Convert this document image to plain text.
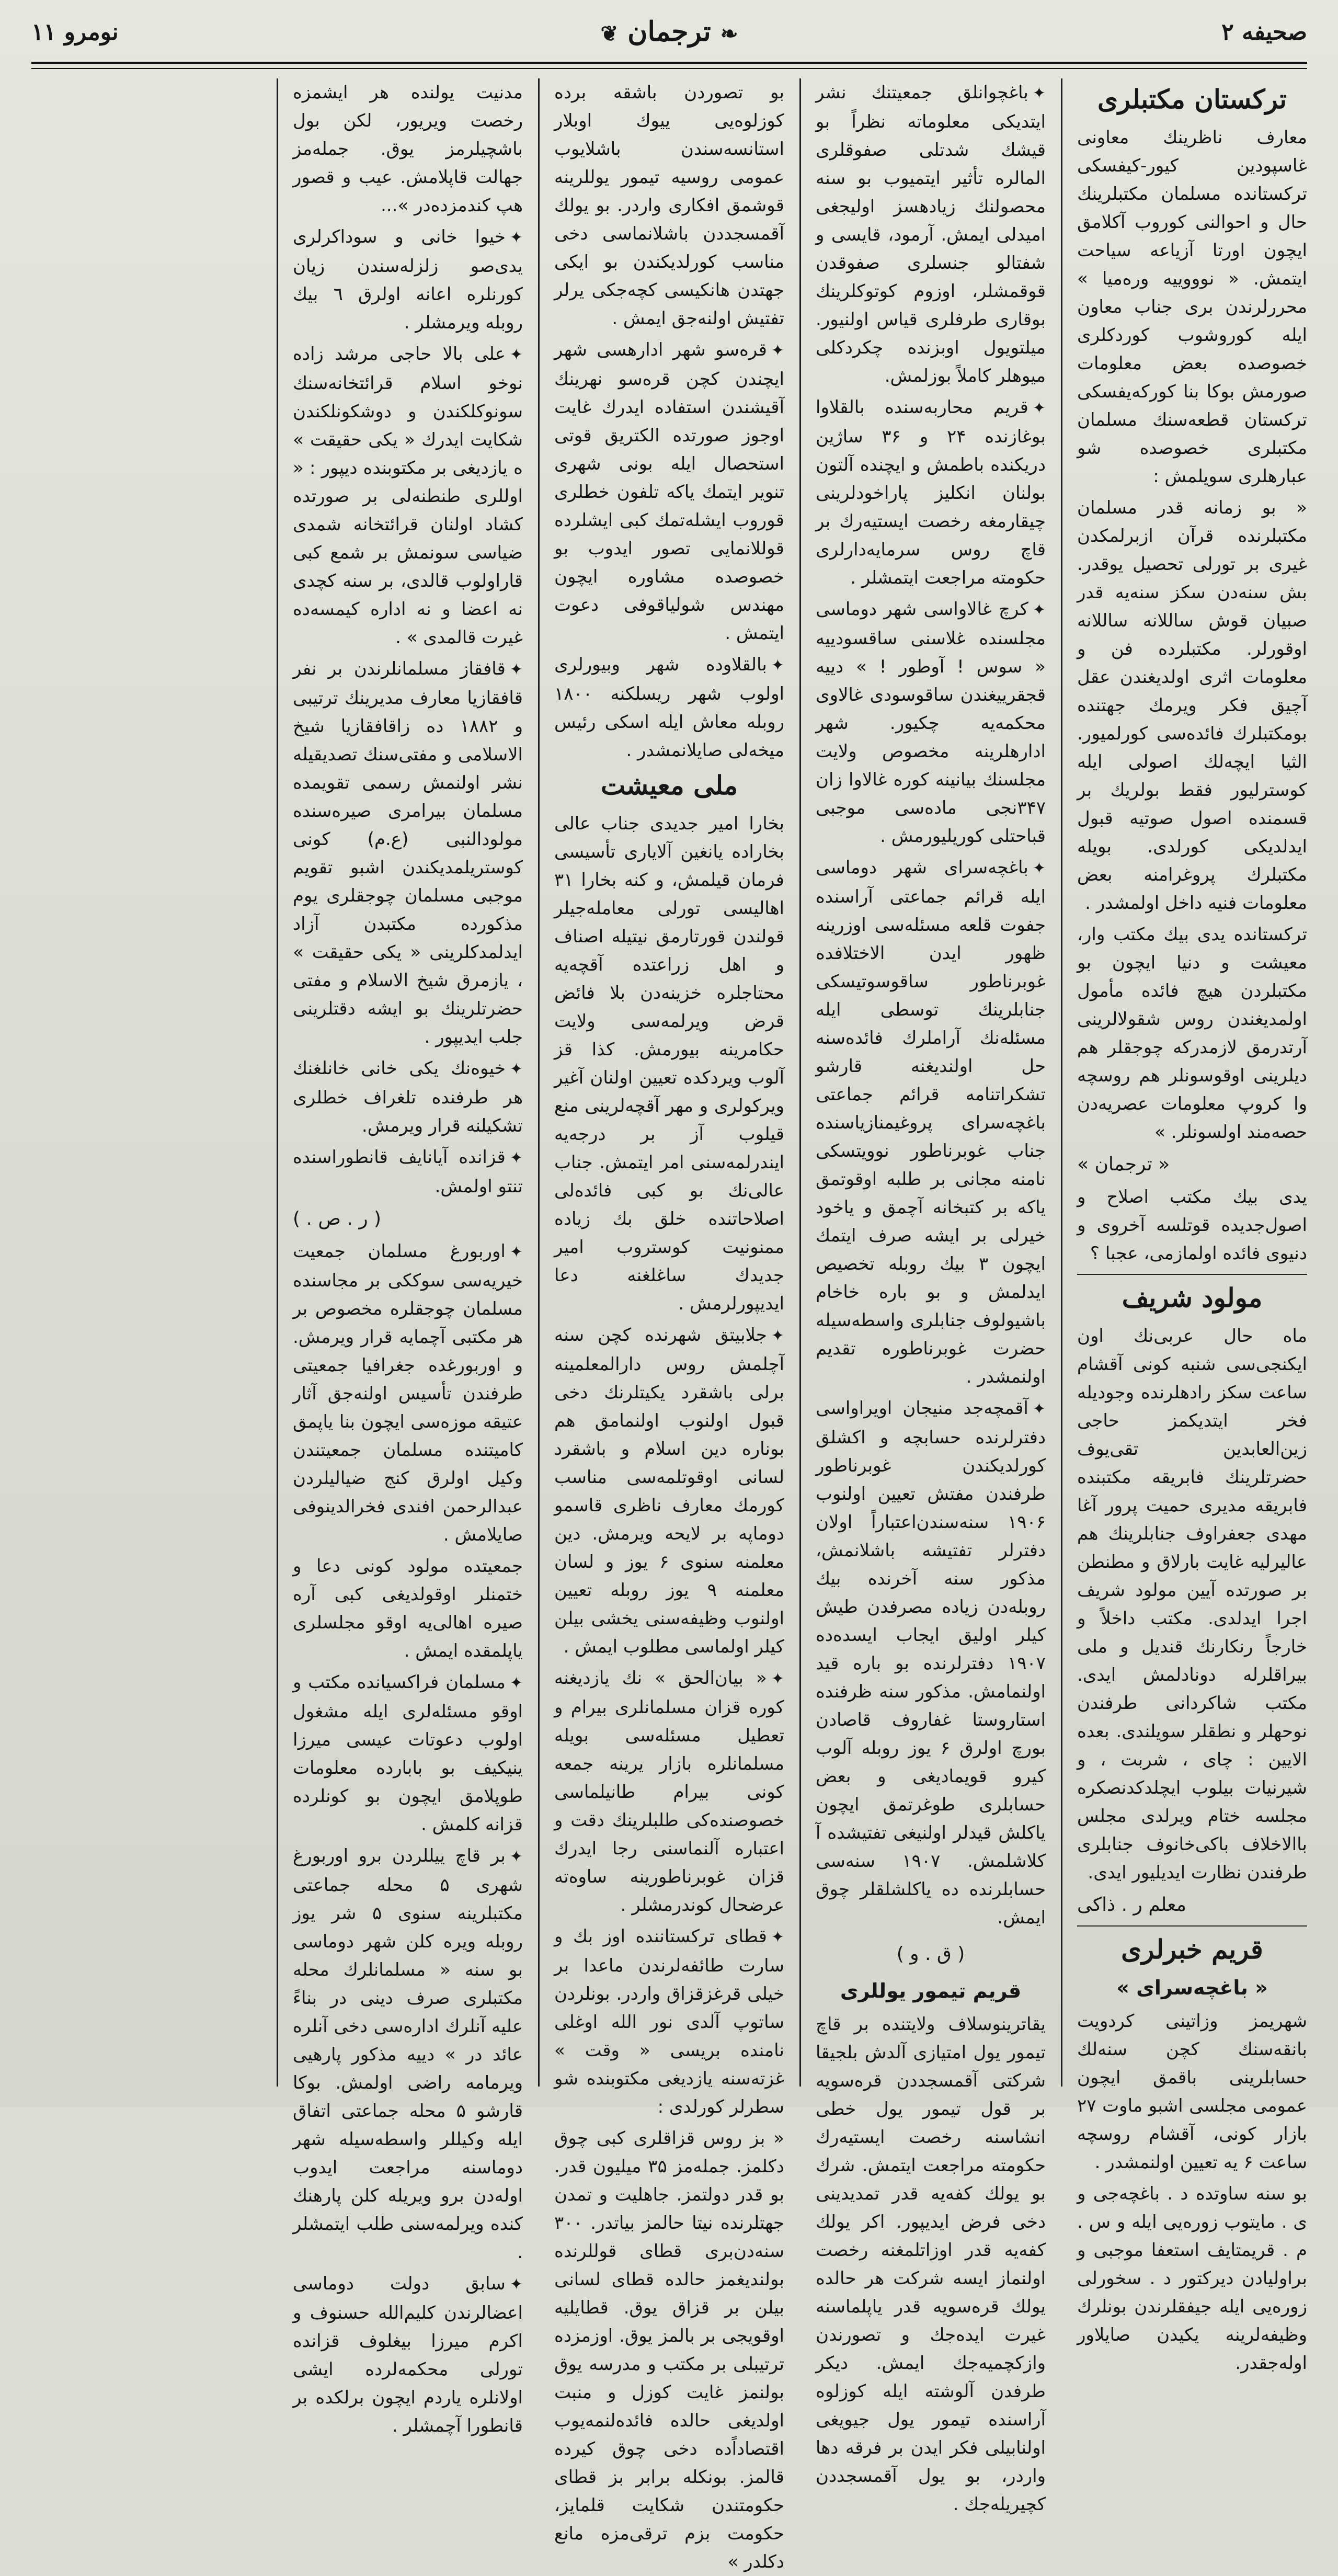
صحیفه ۲
❧ ترجمان ❦
نومرو ۱۱
ترکستان مکتبلری

معارف ناظرینك معاونی غاسپودین کیور-کیفسکی ترکستانده مسلمان مکتبلرینك حال و احوالنی کوروب آکلامق ایچون اورتا آزیاعه سیاحت ایتمش. « نوووییه وره‌میا » محررلرندن بری جناب معاون ایله کوروشوب کوردکلری خصوصده بعض معلومات صورمش بوکا بنا کورکه‌یفسکی ترکستان قطعه‌سنك مسلمان مکتبلری خصوصده شو عبارهلری سویلمش :

« بو زمانه قدر مسلمان مکتبلرنده قرآن ازبرلمکدن غیری بر تورلی تحصیل یوقدر. بش سنه‌دن سکز سنه‌یه قدر صبیان قوش ساللانه ساللانه اوقورلر. مکتبلرده فن و معلومات اثری اولدیغندن عقل آچیق فکر ویرمك جهتنده بومکتبلرك فائده‌سی کورلمیور. الثیا ایچه‌لك اصولی ایله کوسترلیور فقط بولریك بر قسمنده اصول صوتیه قبول ایدلدیکی کورلدی. بویله مکتبلرك پروغرامنه بعض معلومات فنیه داخل اولمشدر .

ترکستانده یدی بیك مکتب وار، معیشت و دنیا ایچون بو مکتبلردن هیچ فائده مأمول اولمدیغندن روس شقولالرینی آرتدرمق لازمدرکه چوجقلر هم دیلرینی اوقوسونلر هم روسچه وا کروپ معلومات عصریه‌دن حصه‌مند اولسونلر. »

« ترجمان »

یدی بیك مکتب اصلاح و اصول‌جدیده قوتلسه آخروی و دنیوی فائده اولمازمی، عجبا ؟

مولود شریف

ماه حال عربی‌نك اون ایکنجی‌سی شنبه کونی آقشام ساعت سکز رادهلرنده وجودیله فخر ایتدیکمز حاجی زین‌العابدین تقی‌یوف حضرتلرینك فابریقه مکتبنده فابریقه مدیری حمیت پرور آغا مهدی جعفراوف جنابلرینك هم عالیرلیه غایت بارلاق و مطنطن بر صورتده آیین مولود شریف اجرا ایدلدی. مکتب داخلاً و خارجاً رنکارنك قندیل و ملی بیراقلرله دونادلمش ایدی. مکتب شاکردانی طرفندن نوحهلر و نطقلر سویلندی. بعده الایین : چای ، شربت ، و شیرنیات بیلوب ایچلدکدنصکره مجلسه ختام ویرلدی مجلس باالاخلاف باکی‌خانوف جنابلری طرفندن نظارت ایدیلیور ایدی.

معلم ر . ذاکی
قریم خبرلری
« باغچه‌سرای »

شهریمز وزاتینی کردویت بانقه‌سنك کچن سنه‌لك حسابلرینی باقمق ایچون عمومی مجلسی اشبو ماوت ۲۷ بازار کونی، آقشام روسچه ساعت ۶ یه تعیین اولنمشدر .

بو سنه ساوتده د . باغچه‌جی و ی . مایتوب زوره‌یی ایله و س . م . قریمتایف استعفا موجبی و براولیادن دیرکتور د . سخورلی زوره‌یی ایله جیفقلرندن بونلرك وظیفه‌لرینه یکیدن صایلاور اوله‌جقدر.

✦باغچوانلق جمعیتنك نشر ایتدیکی معلوماته نظراً بو قیشك شدتلی صفوقلری الما‌لره تأثیر ایتمیوب بو سنه محصولنك زیادهسز اولیجغی امیدلی ایمش. آرمود، قایسی و شفتالو جنسلری صفوقدن قوقمشلر، اوزوم کوتوکلرینك بوقاری طرفلری قیاس اولنیور. میلتویول اوبزنده چکردکلی میوهلر کاملاً بوزلمش.

✦قریم محاربه‌سنده بالقلاوا بوغازنده ۲۴ و ۳۶ ساژین دریکنده باطمش و ایچنده آلتون بولنان انکلیز پاراخودلرینی چیقارمغه رخصت ایستیه‌رك بر قاچ روس سرمایه‌دارلری حکومته مراجعت ایتمشلر .

✦کرچ غالاواسی شهر دوماسی مجلسنده غلاسنی ساقسودییه « سوس ! آوطور ! » دییه قجقرییغندن ساقوسودی غالاوی محکمه‌یه چکیور. شهر ادارهلرینه مخصوص ولایت مجلسنك بیانینه کوره غالاوا زان ۳۴۷نجی ماده‌سی موجبی قباحتلی کوریلیورمش .

✦باغچه‌سرای شهر دوماسی ایله قرائم جماعتی آراسنده جفوت قلعه مسئله‌سی اوزرینه ظهور ایدن الاختلافده غوبرناطور ساقوسوتیسکی جنابلرینك توسطی ایله مسئله‌نك آراملرك فائده‌سنه حل اولندیغنه قارشو تشکراتنامه قرائم جماعتی باغچه‌سرای پروغیمنازیاسنده جناب غوبرناطور نوویتسکی نامنه مجانی بر طلبه اوقوتمق یاکه بر کتبخانه آچمق و یاخود خیرلی بر ایشه صرف ایتمك ایچون ۳ بیك روبله تخصیص ایدلمش و بو باره خاخام باشیولوف جنابلری واسطه‌سیله حضرت غوبرناطوره تقدیم اولنمشدر .

✦آقمچه‌جد منیجان اویراواسی دفترلرنده حسابچه و اکشلق کورلدیکندن غوبرناطور طرفندن مفتش تعیین اولنوب ۱۹۰۶ سنه‌سندن‌اعتباراً اولان دفترلر تفتیشه باشلانمش، مذکور سنه آخرنده بیك روبله‌دن زیاده مصرفدن طیش کیلر اولیق ایجاب ایسده‌ده ۱۹۰۷ دفترلرنده بو باره قید اولنمامش. مذکور سنه ظرفنده استاروستا غفاروف قاصادن بورچ اولرق ۶ یوز روبله آلوب کیرو قویمادیغی و بعض حسابلری طوغرتمق ایچون یاکلش قیدلر اولنیغی تفتیشده آ کلاشلمش. ۱۹۰۷ سنه‌سی حسابلرنده ده یاکلشلقلر چوق ایمش.

( ق . و )
قریم تیمور یوللری

یقاترینوسلاف ولایتنده بر قاچ تیمور یول امتیازی آلدش بلجیقا شرکتی آقمسجددن قره‌سویه بر قول تیمور یول خطی انشاسنه رخصت ایستیه‌رك حکومته مراجعت ایتمش. شرك بو یولك کفه‌یه قدر تمدیدینی دخی فرض ایدیپور. اکر یولك کفه‌یه قدر اوزاتلمغنه رخصت اولنماز ایسه شرکت هر حالده یولك قره‌سویه قدر یاپلماسنه غیرت ایده‌جك و تصورندن وازکچمیه‌جك ایمش. دیکر طرفدن آلوشته ایله کوزلوه آراسنده تیمور یول جیویغی اولنابیلی فکر ایدن بر فرقه دها واردر، بو یول آقمسجددن کچیریله‌جك .

بو تصوردن باشقه برده کوزلوه‌یی ییوك اوبلار استانسه‌سندن باشلایوب عمومی روسیه تیمور یوللرینه قوشمق افکاری واردر. بو یولك آقمسجددن باشلانماسی دخی مناسب کورلدیکندن بو ایکی جهتدن هانکیسی کچه‌جکی یرلر تفتیش اولنه‌جق ایمش .

✦قره‌سو شهر ادارهسی شهر ایچندن کچن قره‌سو نهرینك آقیشندن استفاده ایدرك غایت اوجوز صورتده الکتریق قوتی استحصال ایله بونی شهری تنویر ایتمك یاکه تلفون خطلری قوروب ایشله‌تمك کبی ایشلرده قوللانمایی تصور ایدوب بو خصوصده مشاوره ایچون مهندس شولیاقوفی دعوت ایتمش .

✦بالقلاوده شهر وبیورلری اولوب شهر ریسلکنه ۱۸۰۰ روبله معاش ایله اسکی رئیس میخه‌لی صایلانمشدر .

ملی معیشت

بخارا امیر جدیدی جناب عالی بخاراده یانغین آلایاری تأسیسی فرمان قیلمش، و کنه بخارا ۳۱ اهالیسی تورلی معامله‌جیلر قولندن قورتارمق نیتیله اصناف و اهل زراعتده آقچه‌یه محتاجلره خزینه‌دن بلا فائض قرض ویرلمه‌سی ولایت حکامرینه بیورمش. کذا قز آلوب ویردکده تعیین اولنان آغیر ویرکولری و مهر آقچه‌لرینی منع قیلوب آز بر درجه‌یه ایندرلمه‌سنی امر ایتمش. جناب عالی‌نك بو کبی فائده‌لی اصلاحاتنده خلق بك زیاده ممنونیت کوستروب امیر جدیدك ساغلغنه دعا ایدیپورلرمش .

✦جلابیتق شهرنده کچن سنه آچلمش روس دارالمعلمینه برلی باشقرد یکیتلرنك دخی قبول اولنوب اولنمامق هم بوناره دین اسلام و باشقرد لسانی اوقوتلمه‌سی مناسب کورمك معارف ناظری قاسمو دوماپه بر لایحه ویرمش. دین معلمنه سنوی ۶ یوز و لسان معلمنه ۹ یوز روبله تعیین اولنوب وظیفه‌سنی یخشی بیلن کیلر اولماسی مطلوب ایمش .

✦« بیان‌الحق » نك یازدیغنه کوره قزان مسلمانلری بیرام و تعطیل مسئله‌سی بویله مسلمانلره بازار یرینه جمعه کونی بیرام طانیلماسی خصوصنده‌کی طلبلرینك دقت و اعتباره آلنماسنی رجا ایدرك قزان غوبرناطورینه ساوه‌ته عرضحال کوندرمشلر .

✦قطای ترکستاننده اوز بك و سارت طائفه‌لرندن ماعدا بر خیلی قرغز‌قزاق واردر. بونلردن ساتوپ آلدی نور الله اوغلی نامنده بریسی « وقت » غزته‌سنه یازدیغی مکتوبنده شو سطرلر کورلدی :

« بز روس قزاقلری کبی چوق دکلمز. جمله‌مز ۳۵ میلیون قدر. بو قدر دولتمز. جاهلیت و تمدن جهتلرنده نیتا حالمز بیاتدر. ۳۰۰ سنه‌دن‌بری قطای قوللرنده بولندیغمز حالده قطای لسانی بیلن بر قزاق یوق. قطایلیه اوقویجی بر بالمز یوق. اوزمزده ترتیبلی بر مکتب و مدرسه یوق بولنمز غایت کوزل و منبت اولدیغی حالده فائده‌لنمه‌یوب اقتصاداً‌ده دخی چوق کیرده قالمز. بونکله برابر بز قطای حکومتندن شکایت قلمایز، حکومت بزم ترقی‌مزه مانع دکلدر »

مدنیت یولنده هر ایشمزه رخصت ویریور، لکن بول باشچیلرمز یوق. جمله‌مز جهالت قاپلامش. عیب و قصور هپ کندمزده‌در »...

✦خیوا خانی و سوداکرلری یدی‌صو زلزله‌سندن زیان کورنلره اعانه اولرق ٦ بیك روبله ویرمشلر .

✦علی بالا حاجی مرشد زاده نوخو اسلام قرائتخانه‌سنك سونوکلکندن و دوشکونلکندن شکایت ایدرك « یکی حقیقت » ه یازدیغی بر مکتوبنده دیپور : « اوللری طنطنه‌لی بر صورتده کشاد اولنان قرائتخانه شمدی ضیاسی سونمش بر شمع کبی قاراولوب قالدی، بر سنه کچدی نه اعضا و نه اداره کیمسه‌ده غیرت قالمدی » .

✦قافقاز مسلمانلرندن بر نفر قافقازیا معارف مدیرینك ترتیبی و ۱۸۸۲ ده زاقافقازیا شیخ الاسلامی و مفتی‌سنك تصدیقیله نشر اولنمش رسمی تقویمده مسلمان بیرامری صیره‌سنده مولودالنبی (ع.م) کونی کوستریلمدیکندن اشبو تقویم موجبی مسلمان چوجقلری یوم مذکورده مکتبدن آزاد ایدلمدکلرینی « یکی حقیقت » ، یازمرق شیخ الاسلام و مفتی حضرتلرینك بو ایشه دقتلرینی جلب ایدیپور .

✦خیوه‌نك یکی خانی خانلغنك هر طرفنده تلغراف خطلری تشکیلنه قرار ویرمش.

✦قزانده آیانایف قانطوراسنده تنتو اولمش.

( ر . ص . )

✦اوربورغ مسلمان جمعیت خیریه‌سی سوککی بر مجاسنده مسلمان چوجقلره مخصوص بر هر مکتبی آچمایه قرار ویرمش. و اوربورغده جغرافیا جمعیتی طرفندن تأسیس اولنه‌جق آثار عتیقه موزه‌سی ایچون بنا یاپمق کامیتنده مسلمان جمعیتندن وکیل اولرق کنج ضیالیلردن عبدالرحمن افندی فخرالدینوفی صایلامش .

جمعیتده مولود کونی دعا و ختمنلر اوقولدیغی کبی آره صیره اهالی‌یه اوقو مجلسلری یاپلمقده ایمش .

✦مسلمان فراکسیانده مکتب و اوقو مسئله‌لری ایله مشغول اولوب دعوتات عیسی میرزا ینیکیف بو بابارده معلومات طوپلامق ایچون بو کونلرده قزانه کلمش .

✦بر قاچ ییللردن برو اوربورغ شهری ۵ محله جماعتی مکتبلرینه سنوی ۵ شر یوز روبله ویره کلن شهر دوماسی بو سنه « مسلمانلرك محله مکتبلری صرف دینی در بناءً علیه آنلرك اداره‌سی دخی آنلره عائد در » دییه مذکور پارهیی ویرمامه راضی اولمش. بوکا قارشو ۵ محله جماعتی اتفاق ایله وکیللر واسطه‌سیله شهر دوماسنه مراجعت ایدوب اوله‌دن برو ویریله کلن پارهنك کنده ویرلمه‌سنی طلب ایتمشلر .

✦سابق دولت دوماسی اعضالرندن کلیم‌الله حسنوف و اکرم میرزا بیغلوف قزانده تورلی محکمه‌لرده ایشی اولانلره یاردم ایچون برلکده بر قانطورا آچمشلر .
